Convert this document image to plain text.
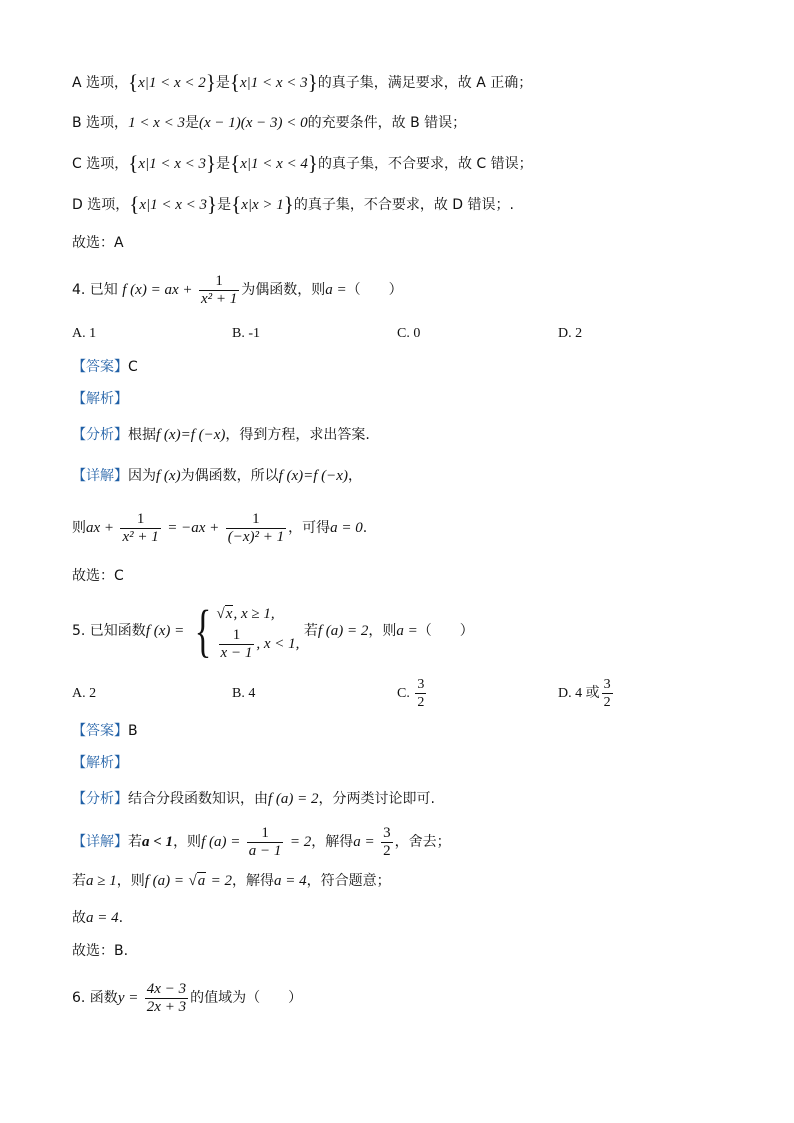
A 选项，{x|1 < x < 2}是{x|1 < x < 3}的真子集，满足要求，故 A 正确；
B 选项，1 < x < 3是(x − 1)(x − 3) < 0的充要条件，故 B 错误；
C 选项，{x|1 < x < 3}是{x|1 < x < 4}的真子集，不合要求，故 C 错误；
D 选项，{x|1 < x < 3}是{x|x > 1}的真子集，不合要求，故 D 错误；.
故选：A
4. 已知 f (x) = ax + $\frac{1}{\text{x² + 1}}$ 为偶函数，则a =（　　）
A. 1	B. -1	C. 0	D. 2
【答案】C
【解析】
【分析】根据f (x)=f (−x)，得到方程，求出答案.
【详解】因为f (x)为偶函数，所以f (x)=f (−x)，
则ax + $\frac{1}{\text{x² + 1}} = -ax + \frac{1}{\text{(−x)² + 1}}$ ，可得a = 0.
故选：C
5. 已知函数f (x) = { √x, x ≥ 1,
$\frac{1}{x - 1}$ , x < 1,
若f (a) = 2，则a =（　　）
A. 2	B. 4	C. $\frac{3}{2}$	D. 4 或 $\frac{3}{2}$
【答案】B
【解析】
【分析】结合分段函数知识，由f (a) = 2，分两类讨论即可.
【详解】若a < 1，则f $(a) = \frac{1}{a - 1} = 2$，解得$a = \frac{3}{2}$ ，舍去；
若a ≥ 1，则f (a) = √a = 2，解得a = 4，符合题意；
故a = 4.
故选：B.
6. 函数$y = \frac{4x - 3}{2x + 3}$ 的值域为（　　）
